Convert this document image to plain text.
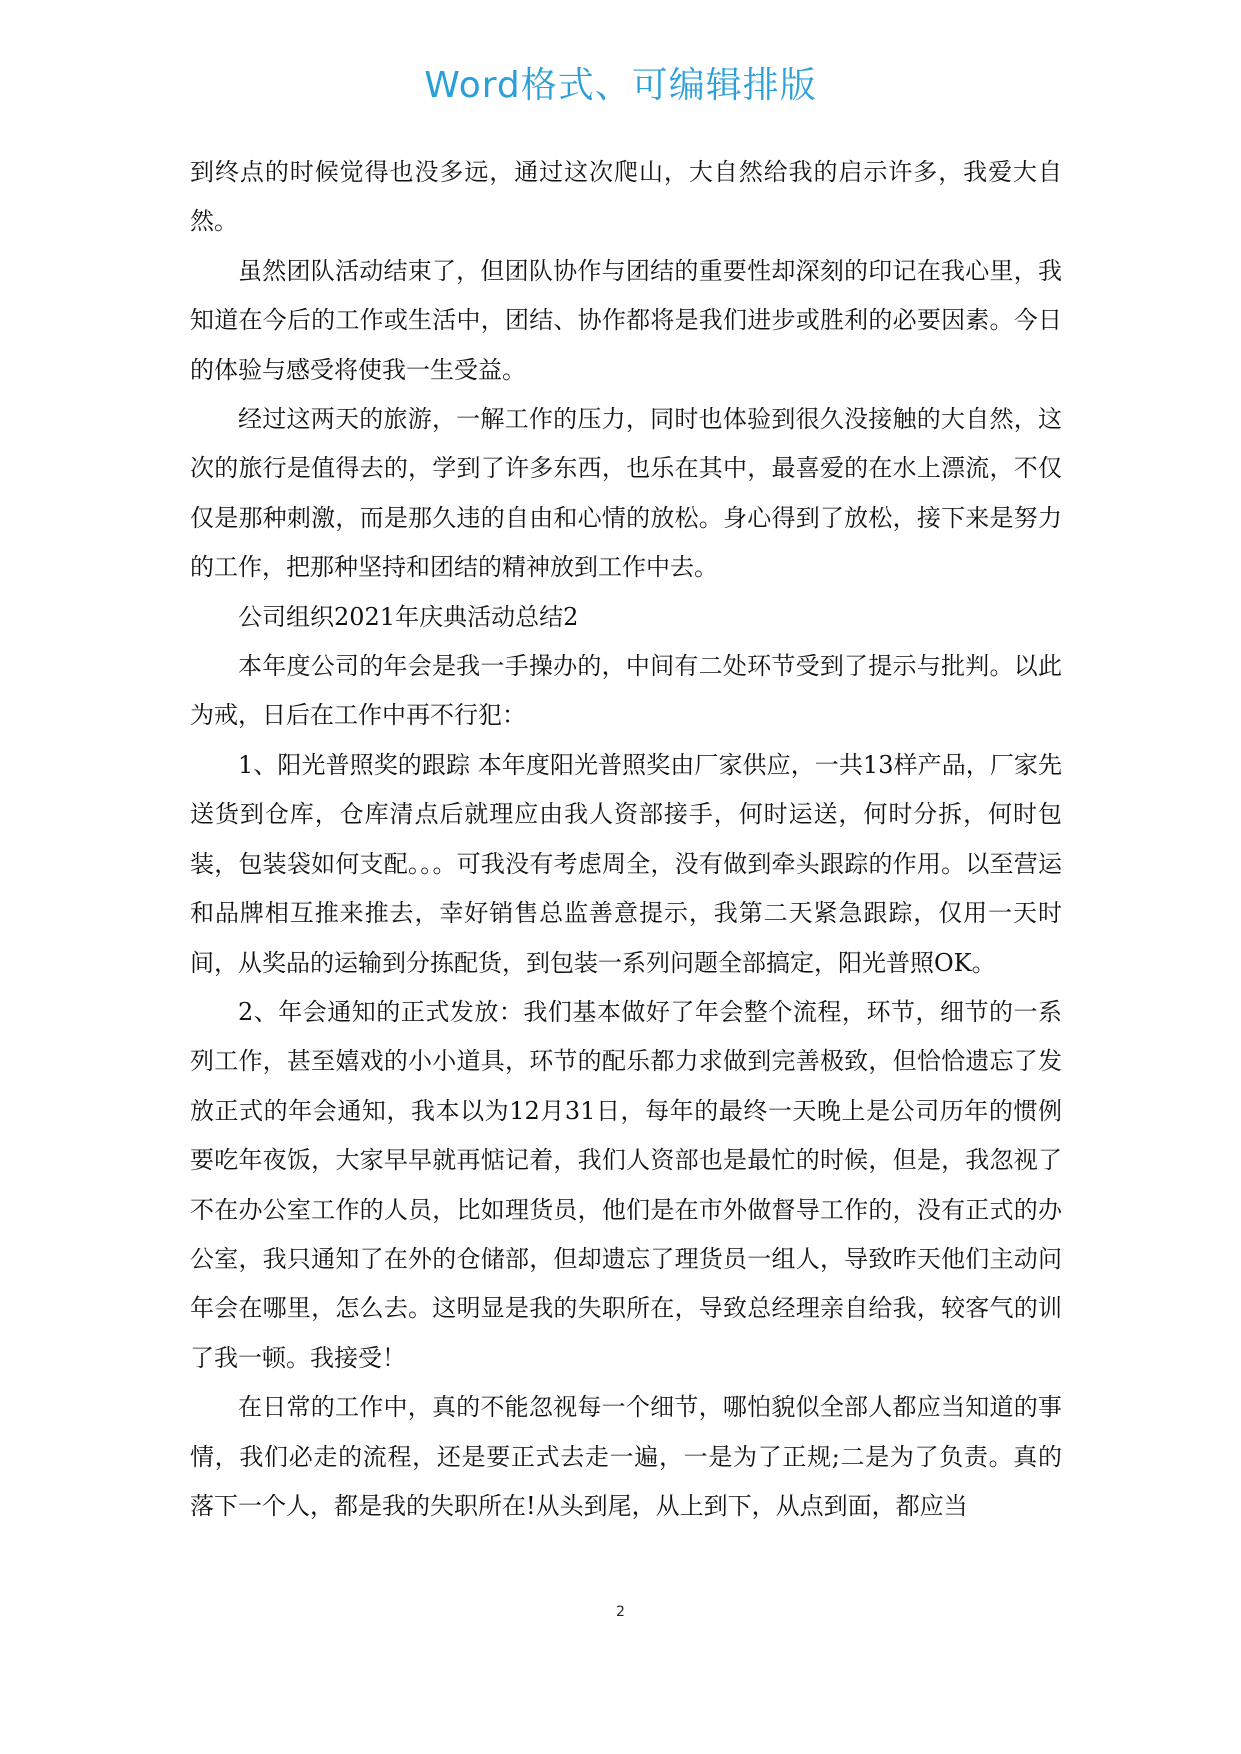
Word格式、可编辑排版

到终点的时候觉得也没多远，通过这次爬山，大自然给我的启示许多，我爱大自然。

虽然团队活动结束了，但团队协作与团结的重要性却深刻的印记在我心里，我知道在今后的工作或生活中，团结、协作都将是我们进步或胜利的必要因素。今日的体验与感受将使我一生受益。

经过这两天的旅游，一解工作的压力，同时也体验到很久没接触的大自然，这次的旅行是值得去的，学到了许多东西，也乐在其中，最喜爱的在水上漂流，不仅仅是那种刺激，而是那久违的自由和心情的放松。身心得到了放松，接下来是努力的工作，把那种坚持和团结的精神放到工作中去。

公司组织2021年庆典活动总结2

本年度公司的年会是我一手操办的，中间有二处环节受到了提示与批判。以此为戒，日后在工作中再不行犯：

1、阳光普照奖的跟踪 本年度阳光普照奖由厂家供应，一共13样产品，厂家先送货到仓库，仓库清点后就理应由我人资部接手，何时运送，何时分拆，何时包装，包装袋如何支配。。。可我没有考虑周全，没有做到牵头跟踪的作用。以至营运和品牌相互推来推去，幸好销售总监善意提示，我第二天紧急跟踪，仅用一天时间，从奖品的运输到分拣配货，到包装一系列问题全部搞定，阳光普照OK。

2、年会通知的正式发放：我们基本做好了年会整个流程，环节，细节的一系列工作，甚至嬉戏的小小道具，环节的配乐都力求做到完善极致，但恰恰遗忘了发放正式的年会通知，我本以为12月31日，每年的最终一天晚上是公司历年的惯例要吃年夜饭，大家早早就再惦记着，我们人资部也是最忙的时候，但是，我忽视了不在办公室工作的人员，比如理货员，他们是在市外做督导工作的，没有正式的办公室，我只通知了在外的仓储部，但却遗忘了理货员一组人，导致昨天他们主动问年会在哪里，怎么去。这明显是我的失职所在，导致总经理亲自给我，较客气的训了我一顿。我接受！

在日常的工作中，真的不能忽视每一个细节，哪怕貌似全部人都应当知道的事情，我们必走的流程，还是要正式去走一遍，一是为了正规;二是为了负责。真的落下一个人，都是我的失职所在!从头到尾，从上到下，从点到面，都应当

2
